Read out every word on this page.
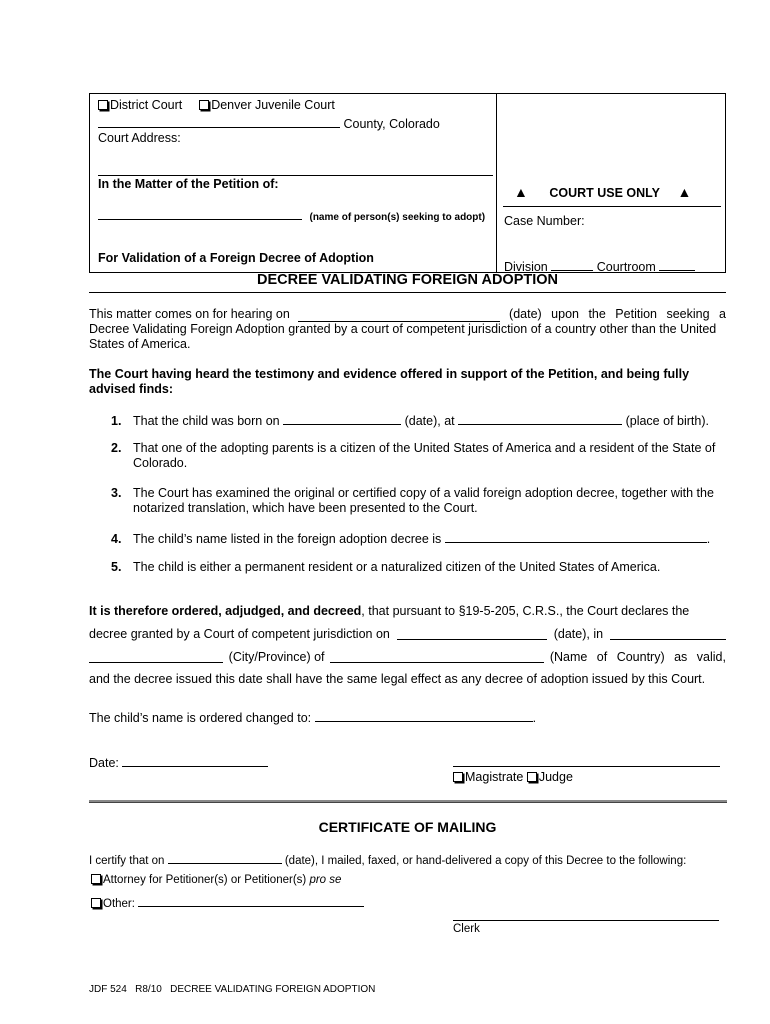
District Court Denver Juvenile Court
County, Colorado
Court Address:
In the Matter of the Petition of:
(name of person(s) seeking to adopt)
For Validation of a Foreign Decree of Adoption
▲ COURT USE ONLY ▲
Case Number:
Division	Courtroom
DECREE VALIDATING FOREIGN ADOPTION
This matter comes on for hearing on	(date) upon the Petition seeking a
Decree Validating Foreign Adoption granted by a court of competent jurisdiction of a country other than the United States of America.
The Court having heard the testimony and evidence offered in support of the Petition, and being fully advised finds:
1. That the child was born on	(date), at	(place of birth).
2. That one of the adopting parents is a citizen of the United States of America and a resident of the State of Colorado.
3. The Court has examined the original or certified copy of a valid foreign adoption decree, together with the notarized translation, which have been presented to the Court.
4. The child’s name listed in the foreign adoption decree is	.
5. The child is either a permanent resident or a naturalized citizen of the United States of America.
It is therefore ordered, adjudged, and decreed, that pursuant to §19-5-205, C.R.S., the Court declares the
decree granted by a Court of competent jurisdiction on	(date), in
(City/Province) of	(Name of Country) as valid,
and the decree issued this date shall have the same legal effect as any decree of adoption issued by this Court.
The child’s name is ordered changed to:	.
Date:
Magistrate Judge
CERTIFICATE OF MAILING
I certify that on	(date), I mailed, faxed, or hand-delivered a copy of this Decree to the following:
Attorney for Petitioner(s) or Petitioner(s) pro se
Other:
Clerk
JDF 524   R8/10   DECREE VALIDATING FOREIGN ADOPTION
